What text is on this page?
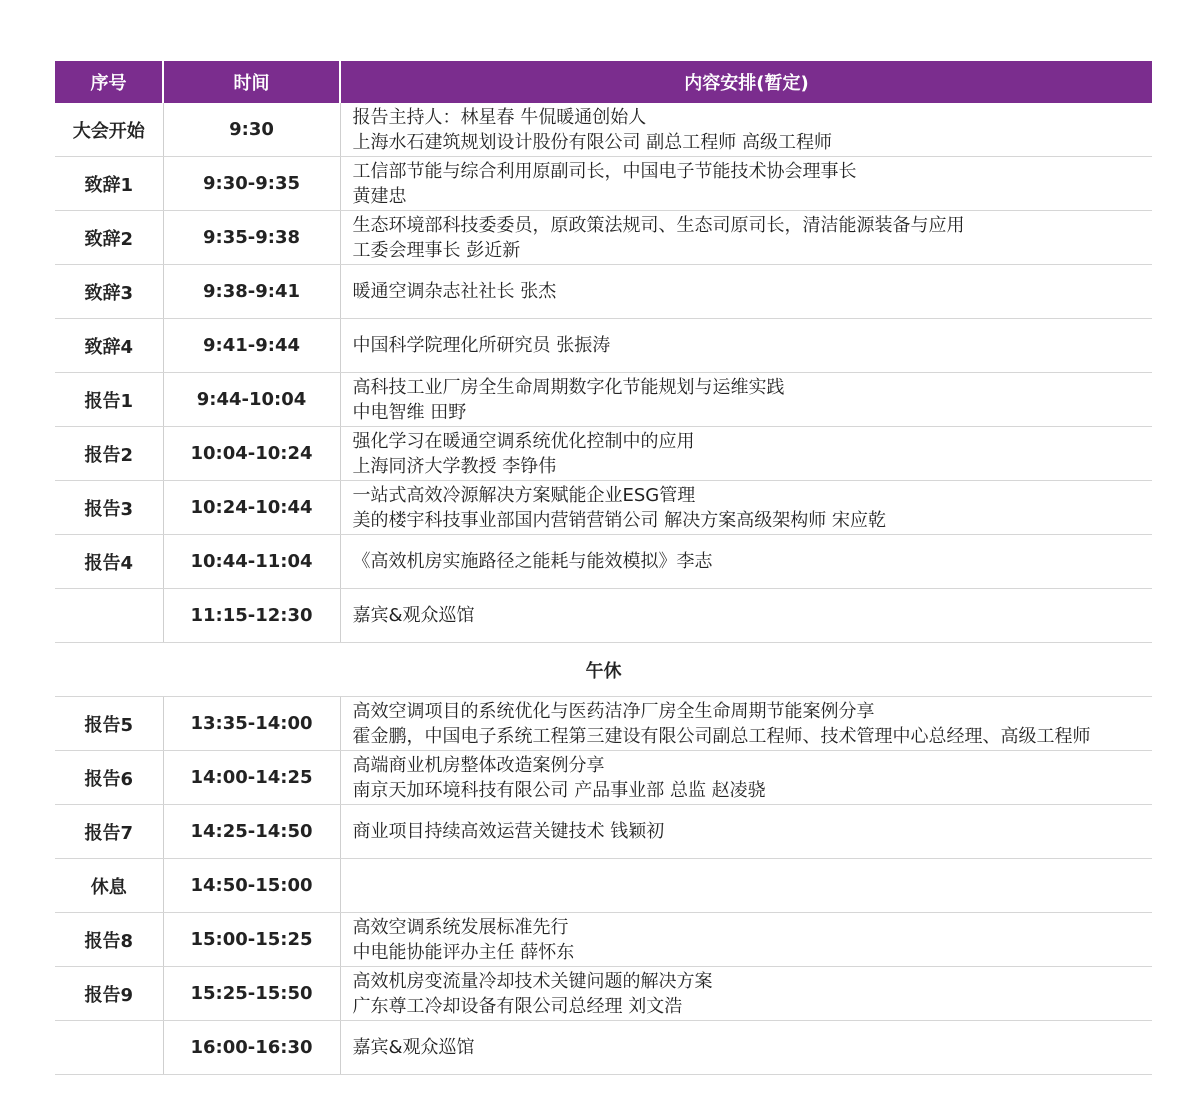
序号	时间	内容安排(暂定)
大会开始	9:30	报告主持人：林星春 牛侃暖通创始人
上海水石建筑规划设计股份有限公司 副总工程师 高级工程师

致辞1	9:30-9:35	工信部节能与综合利用原副司长，中国电子节能技术协会理事长
黄建忠

致辞2	9:35-9:38	生态环境部科技委委员，原政策法规司、生态司原司长，清洁能源装备与应用
工委会理事长 彭近新

致辞3	9:38-9:41	暖通空调杂志社社长 张杰

致辞4	9:41-9:44	中国科学院理化所研究员 张振涛

报告1	9:44-10:04	高科技工业厂房全生命周期数字化节能规划与运维实践
中电智维 田野

报告2	10:04-10:24	强化学习在暖通空调系统优化控制中的应用
上海同济大学教授 李铮伟

报告3	10:24-10:44	一站式高效冷源解决方案赋能企业ESG管理
美的楼宇科技事业部国内营销营销公司 解决方案高级架构师 宋应乾

报告4	10:44-11:04	《高效机房实施路径之能耗与能效模拟》李志

	11:15-12:30	嘉宾&观众巡馆

午休		
报告5	13:35-14:00	高效空调项目的系统优化与医药洁净厂房全生命周期节能案例分享
霍金鹏，中国电子系统工程第三建设有限公司副总工程师、技术管理中心总经理、高级工程师

报告6	14:00-14:25	高端商业机房整体改造案例分享
南京天加环境科技有限公司 产品事业部 总监 赵凌骁

报告7	14:25-14:50	商业项目持续高效运营关键技术 钱颖初

休息	14:50-15:00	
报告8	15:00-15:25	高效空调系统发展标准先行
中电能协能评办主任 薛怀东

报告9	15:25-15:50	高效机房变流量冷却技术关键问题的解决方案
广东尊工冷却设备有限公司总经理 刘文浩

	16:00-16:30	嘉宾&观众巡馆
